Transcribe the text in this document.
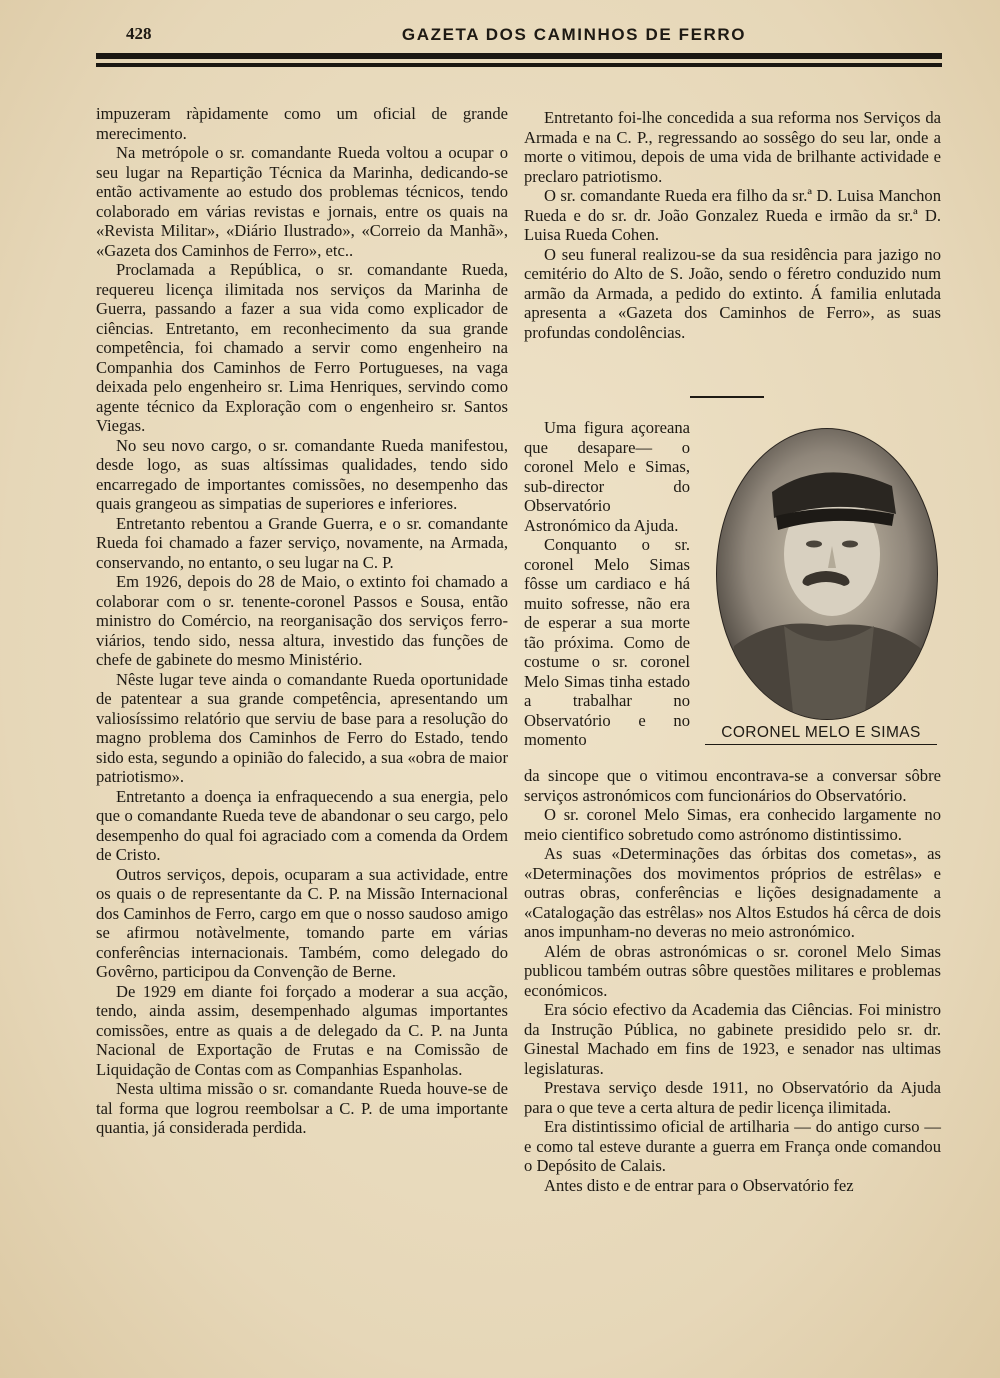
428	GAZETA DOS CAMINHOS DE FERRO

impuzeram ràpidamente como um oficial de grande merecimento.

Na metrópole o sr. comandante Rueda voltou a ocupar o seu lugar na Repartição Técnica da Marinha, dedicando-se então activamente ao estudo dos problemas técnicos, tendo colaborado em várias revistas e jornais, entre os quais na «Revista Militar», «Diário Ilustrado», «Correio da Manhã», «Gazeta dos Caminhos de Ferro», etc..

Proclamada a República, o sr. comandante Rueda, requereu licença ilimitada nos serviços da Marinha de Guerra, passando a fazer a sua vida como explicador de ciências. Entretanto, em reconhecimento da sua grande competência, foi chamado a servir como engenheiro na Companhia dos Caminhos de Ferro Portugueses, na vaga deixada pelo engenheiro sr. Lima Henriques, servindo como agente técnico da Exploração com o engenheiro sr. Santos Viegas.

No seu novo cargo, o sr. comandante Rueda manifestou, desde logo, as suas altíssimas qualidades, tendo sido encarregado de importantes comissões, no desempenho das quais grangeou as simpatias de superiores e inferiores.

Entretanto rebentou a Grande Guerra, e o sr. comandante Rueda foi chamado a fazer serviço, novamente, na Armada, conservando, no entanto, o seu lugar na C. P.

Em 1926, depois do 28 de Maio, o extinto foi chamado a colaborar com o sr. tenente-coronel Passos e Sousa, então ministro do Comércio, na reorganisação dos serviços ferro-viários, tendo sido, nessa altura, investido das funções de chefe de gabinete do mesmo Ministério.

Nêste lugar teve ainda o comandante Rueda oportunidade de patentear a sua grande competência, apresentando um valiosíssimo relatório que serviu de base para a resolução do magno problema dos Caminhos de Ferro do Estado, tendo sido esta, segundo a opinião do falecido, a sua «obra de maior patriotismo».

Entretanto a doença ia enfraquecendo a sua energia, pelo que o comandante Rueda teve de abandonar o seu cargo, pelo desempenho do qual foi agraciado com a comenda da Ordem de Cristo.

Outros serviços, depois, ocuparam a sua actividade, entre os quais o de representante da C. P. na Missão Internacional dos Caminhos de Ferro, cargo em que o nosso saudoso amigo se afirmou notàvelmente, tomando parte em várias conferências internacionais. Também, como delegado do Govêrno, participou da Convenção de Berne.

De 1929 em diante foi forçado a moderar a sua acção, tendo, ainda assim, desempenhado algumas importantes comissões, entre as quais a de delegado da C. P. na Junta Nacional de Exportação de Frutas e na Comissão de Liquidação de Contas com as Companhias Espanholas.

Nesta ultima missão o sr. comandante Rueda houve-se de tal forma que logrou reembolsar a C. P. de uma importante quantia, já considerada perdida.

Entretanto foi-lhe concedida a sua reforma nos Serviços da Armada e na C. P., regressando ao sossêgo do seu lar, onde a morte o vitimou, depois de uma vida de brilhante actividade e preclaro patriotismo.

O sr. comandante Rueda era filho da sr.ª D. Luisa Manchon Rueda e do sr. dr. João Gonzalez Rueda e irmão da sr.ª D. Luisa Rueda Cohen.

O seu funeral realizou-se da sua residência para jazigo no cemitério do Alto de S. João, sendo o féretro conduzido num armão da Armada, a pedido do extinto. Á familia enlutada apresenta a «Gazeta dos Caminhos de Ferro», as suas profundas condolências.

Uma figura açoreana que desapare— o coronel Melo e Simas, sub-director do Observatório Astronómico da Ajuda.

Conquanto o sr. coronel Melo Simas fôsse um cardiaco e há muito sofresse, não era de esperar a sua morte tão próxima. Como de costume o sr. coronel Melo Simas tinha estado a trabalhar no Observatório e no momento	CORONEL MELO E SIMAS

da sincope que o vitimou encontrava-se a conversar sôbre serviços astronómicos com funcionários do Observatório.

O sr. coronel Melo Simas, era conhecido largamente no meio cientifico sobretudo como astrónomo distintissimo.

As suas «Determinações das órbitas dos cometas», as «Determinações dos movimentos próprios de estrêlas» e outras obras, conferências e lições designadamente a «Catalogação das estrêlas» nos Altos Estudos há cêrca de dois anos impunham-no deveras no meio astronómico.

Além de obras astronómicas o sr. coronel Melo Simas publicou também outras sôbre questões militares e problemas económicos.

Era sócio efectivo da Academia das Ciências. Foi ministro da Instrução Pública, no gabinete presidido pelo sr. dr. Ginestal Machado em fins de 1923, e senador nas ultimas legislaturas.

Prestava serviço desde 1911, no Observatório da Ajuda para o que teve a certa altura de pedir licença ilimitada.

Era distintissimo oficial de artilharia — do antigo curso — e como tal esteve durante a guerra em França onde comandou o Depósito de Calais.

Antes disto e de entrar para o Observatório fez
